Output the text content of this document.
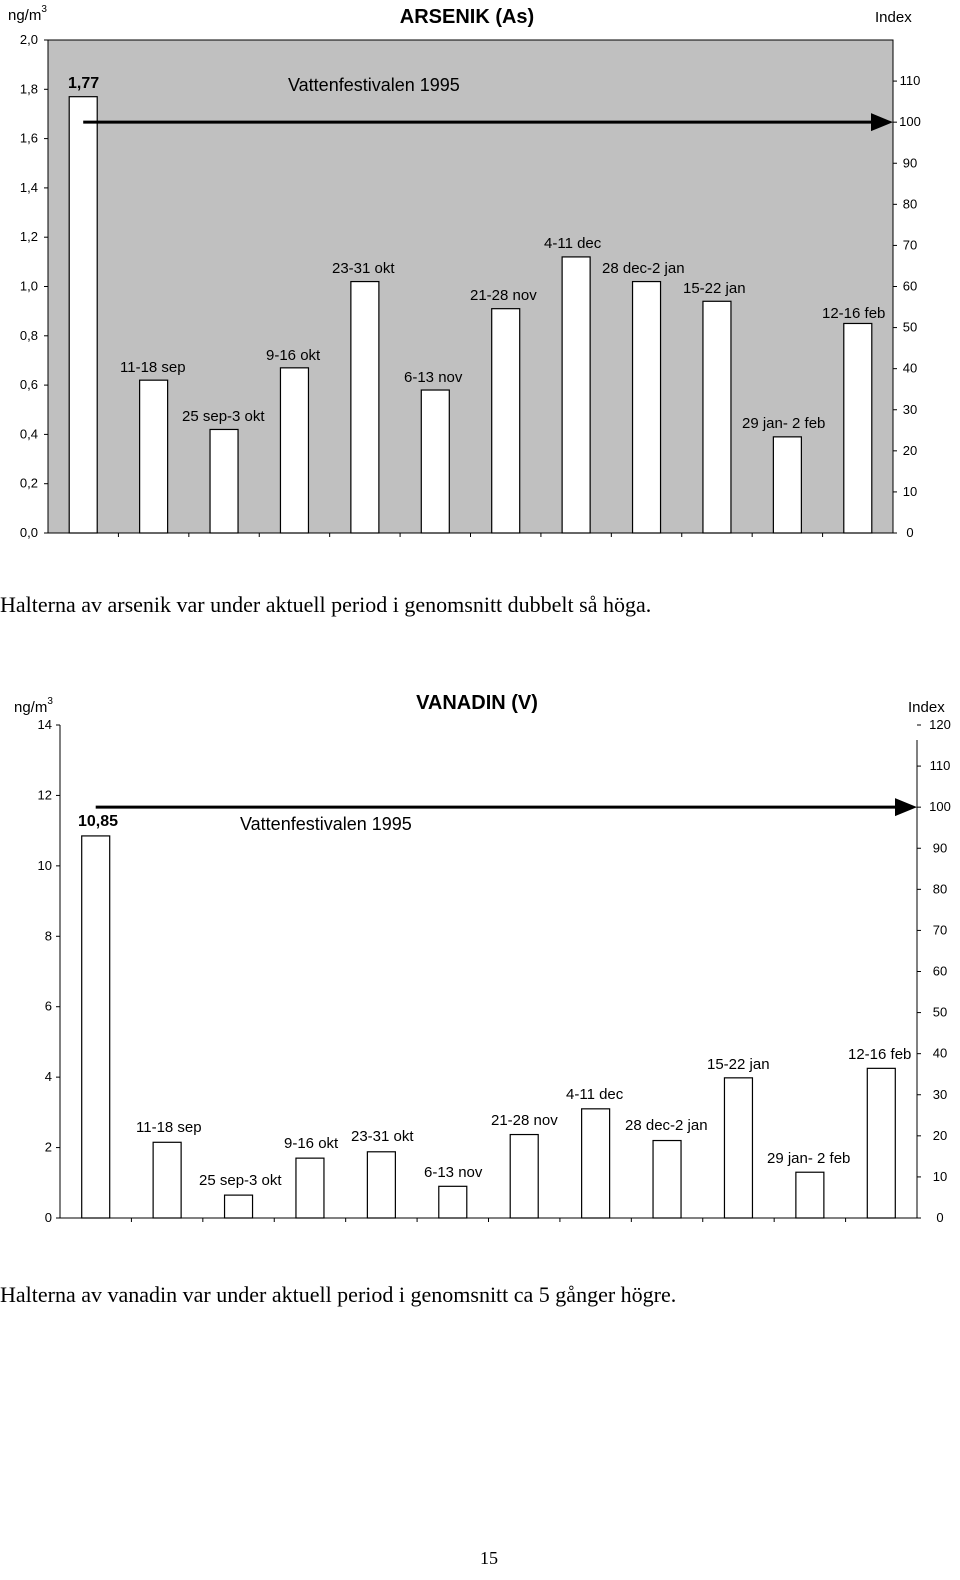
ARSENIK (As)
$ng/m^3$	Index
0,0
0,2
0,4
0,6
0,8
1,0
1,2
1,4
1,6
1,8
2,0
0
10
20
30
40
50
60
70
80
90
100
110
11-18 sep
25 sep-3 okt
9-16 okt
23-31 okt
6-13 nov
21-28 nov
4-11 dec
28 dec-2 jan
15-22 jan
29 jan- 2 feb
12-16 feb
1,77	Vattenfestivalen 1995
Halterna av arsenik var under aktuell period i genomsnitt dubbelt så höga.
VANADIN (V)
$ng/m^3$	Index
0
2
4
6
8
10
12
14
0
10
20
30
40
50
60
70
80
90
100
110
120
11-18 sep
25 sep-3 okt
9-16 okt 23-31 okt
6-13 nov
21-28 nov
4-11 dec
28 dec-2 jan
15-22 jan
29 jan- 2 feb
12-16 feb
10,85	Vattenfestivalen 1995
Halterna av vanadin var under aktuell period i genomsnitt ca 5 gånger högre.
15
